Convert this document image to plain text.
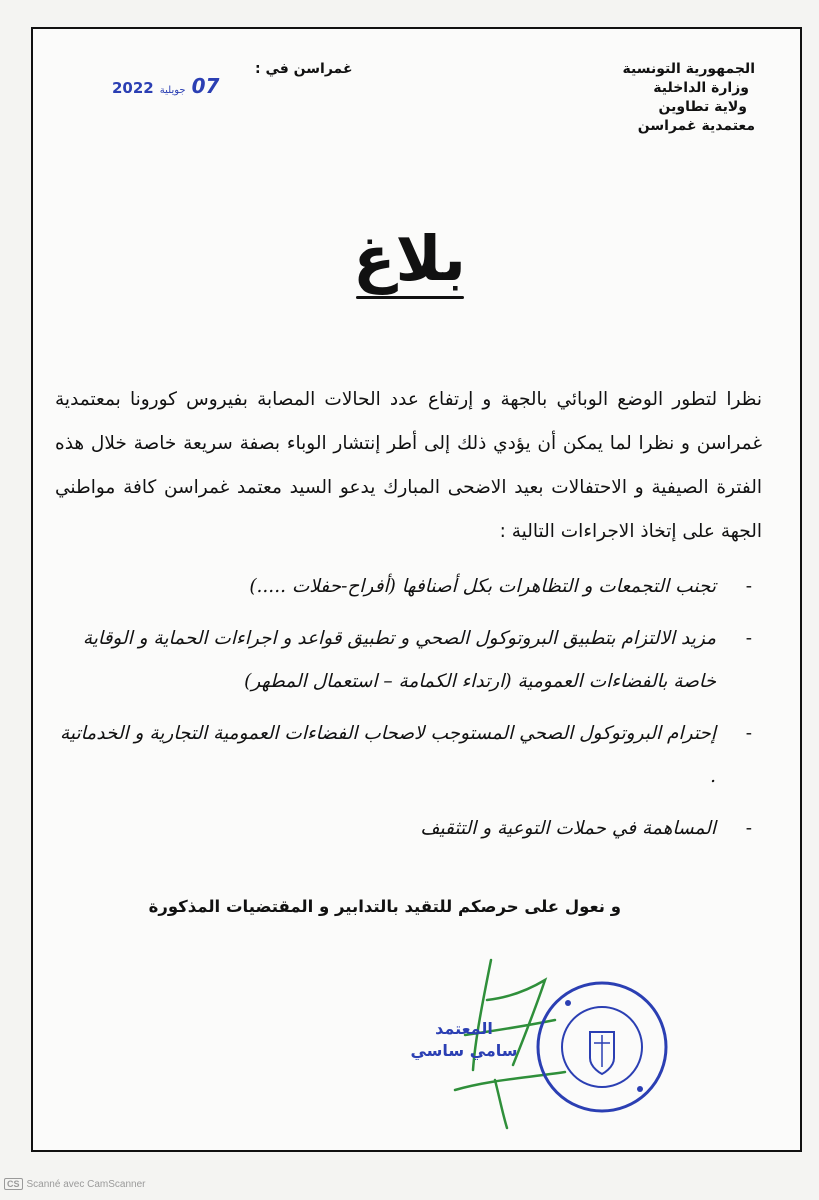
الجمهورية التونسية
وزارة الداخلية
ولاية تطاوين
معتمدية غمراسن
غمراسن في :
2022 جويلية 07
بلاغ
نظرا لتطور الوضع الوبائي بالجهة و إرتفاع عدد الحالات المصابة بفيروس كورونا بمعتمدية غمراسن و نظرا لما يمكن أن يؤدي ذلك إلى أطر إنتشار الوباء بصفة سريعة خاصة خلال هذه الفترة الصيفية و الاحتفالات بعيد الاضحى المبارك يدعو السيد معتمد غمراسن كافة مواطني الجهة على إتخاذ الاجراءات التالية :
-
تجنب التجمعات و التظاهرات بكل أصنافها (أفراح-حفلات .....)
-
مزيد الالتزام بتطبيق البروتوكول الصحي و تطبيق قواعد و اجراءات الحماية و الوقاية خاصة بالفضاءات العمومية (ارتداء الكمامة – استعمال المطهر)
-
إحترام البروتوكول الصحي المستوجب لاصحاب الفضاءات العمومية التجارية و الخدماتية .
-
المساهمة في حملات التوعية و التثقيف
و نعول على حرصكم للتقيد بالتدابير و المقتضيات المذكورة
المعتمد
سامي ساسي
CS Scanné avec CamScanner
